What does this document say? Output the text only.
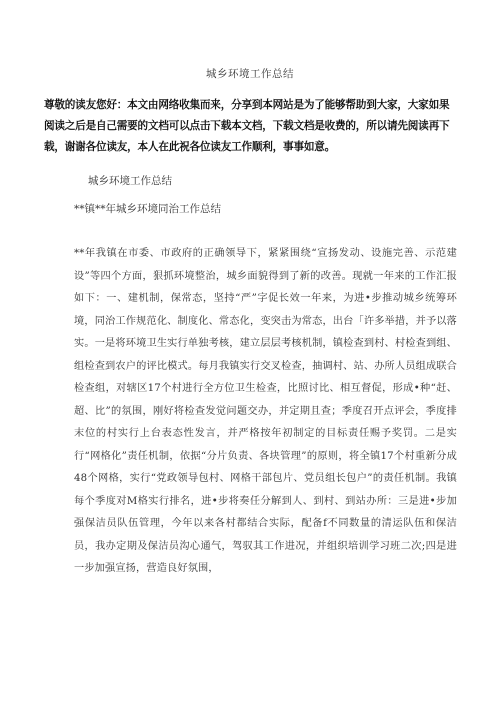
城乡环境工作总结
尊敬的读友您好：本文由网络收集而来，分享到本网站是为了能够帮助到大家，大家如果阅读之后是自己需要的文档可以点击下载本文档，下载文档是收费的，所以请先阅读再下载，谢谢各位读友，本人在此祝各位读友工作顺利，事事如意。
城乡环境工作总结
**镇**年城乡环境同治工作总结
**年我镇在市委、市政府的正确领导下，紧紧围绕“宣扬发动、设施完善、示范建设”等四个方面，狠抓环境整治，城乡面貌得到了新的改善。现就一年来的工作汇报如下：一、建机制，保常态，坚持“严”字促长效一年来，为进•步推动城乡统筹环境，同治工作规范化、制度化、常态化，变突击为常态，出台「许多举措，并予以落实。一是将环境卫生实行单独考核，建立层层考核机制，镇检查到村、村检查到组、组检查到农户的评比模式。每月我镇实行交叉检查，抽调村、站、办所人员组成联合检查组，对辖区17个村进行全方位卫生检查，比照讨比、相互督促，形成•种“赶、超、比”的氛围，刚好将检查发觉问题交办，并定期且查；季度召开点评会，季度排末位的村实行上台表态性发言，并严格按年初制定的目标责任赐予奖罚。二是实行“网格化”责任机制，依据“分片负责、各块管理”的原则，将全镇17个村重新分成48个网格，实行“党政领导包村、网格干部包片、党员组长包户”的责任机制。我镇每个季度对M格实行排名，进•步将奏任分解到人、到村、到站办所：三是进•步加强保洁员队伍管理，今年以来各村都结合实际，配备f不同数量的清运队伍和保洁员，我办定期及保洁员沟心通气，驾驭其工作进况，并组织培训学习班二次;四是进一步加强宣扬，营造良好氛围，
